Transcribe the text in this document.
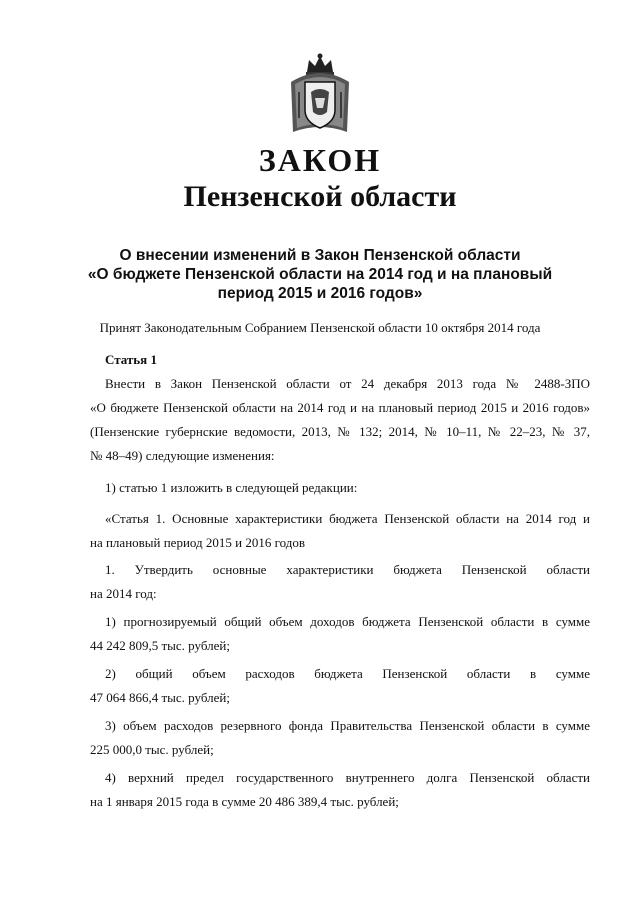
ЗАКОН
Пензенской области
О внесении изменений в Закон Пензенской области
«О бюджете Пензенской области на 2014 год и на плановый
период 2015 и 2016 годов»
Принят Законодательным Собранием Пензенской области 10 октября 2014 года
Статья 1
Внести в Закон Пензенской области от 24 декабря 2013 года № 2488-ЗПО
«О бюджете Пензенской области на 2014 год и на плановый период 2015 и 2016 годов»
(Пензенские губернские ведомости, 2013, № 132; 2014, № 10–11, № 22–23, № 37,
№ 48–49) следующие изменения:
1) статью 1 изложить в следующей редакции:
«Статья 1. Основные характеристики бюджета Пензенской области на 2014 год и
на плановый период 2015 и 2016 годов
1. Утвердить основные характеристики бюджета Пензенской области
на 2014 год:
1) прогнозируемый общий объем доходов бюджета Пензенской области в сумме
44 242 809,5 тыс. рублей;
2) общий объем расходов бюджета Пензенской области в сумме
47 064 866,4 тыс. рублей;
3) объем расходов резервного фонда Правительства Пензенской области в сумме
225 000,0 тыс. рублей;
4) верхний предел государственного внутреннего долга Пензенской области
на 1 января 2015 года в сумме 20 486 389,4 тыс. рублей;
